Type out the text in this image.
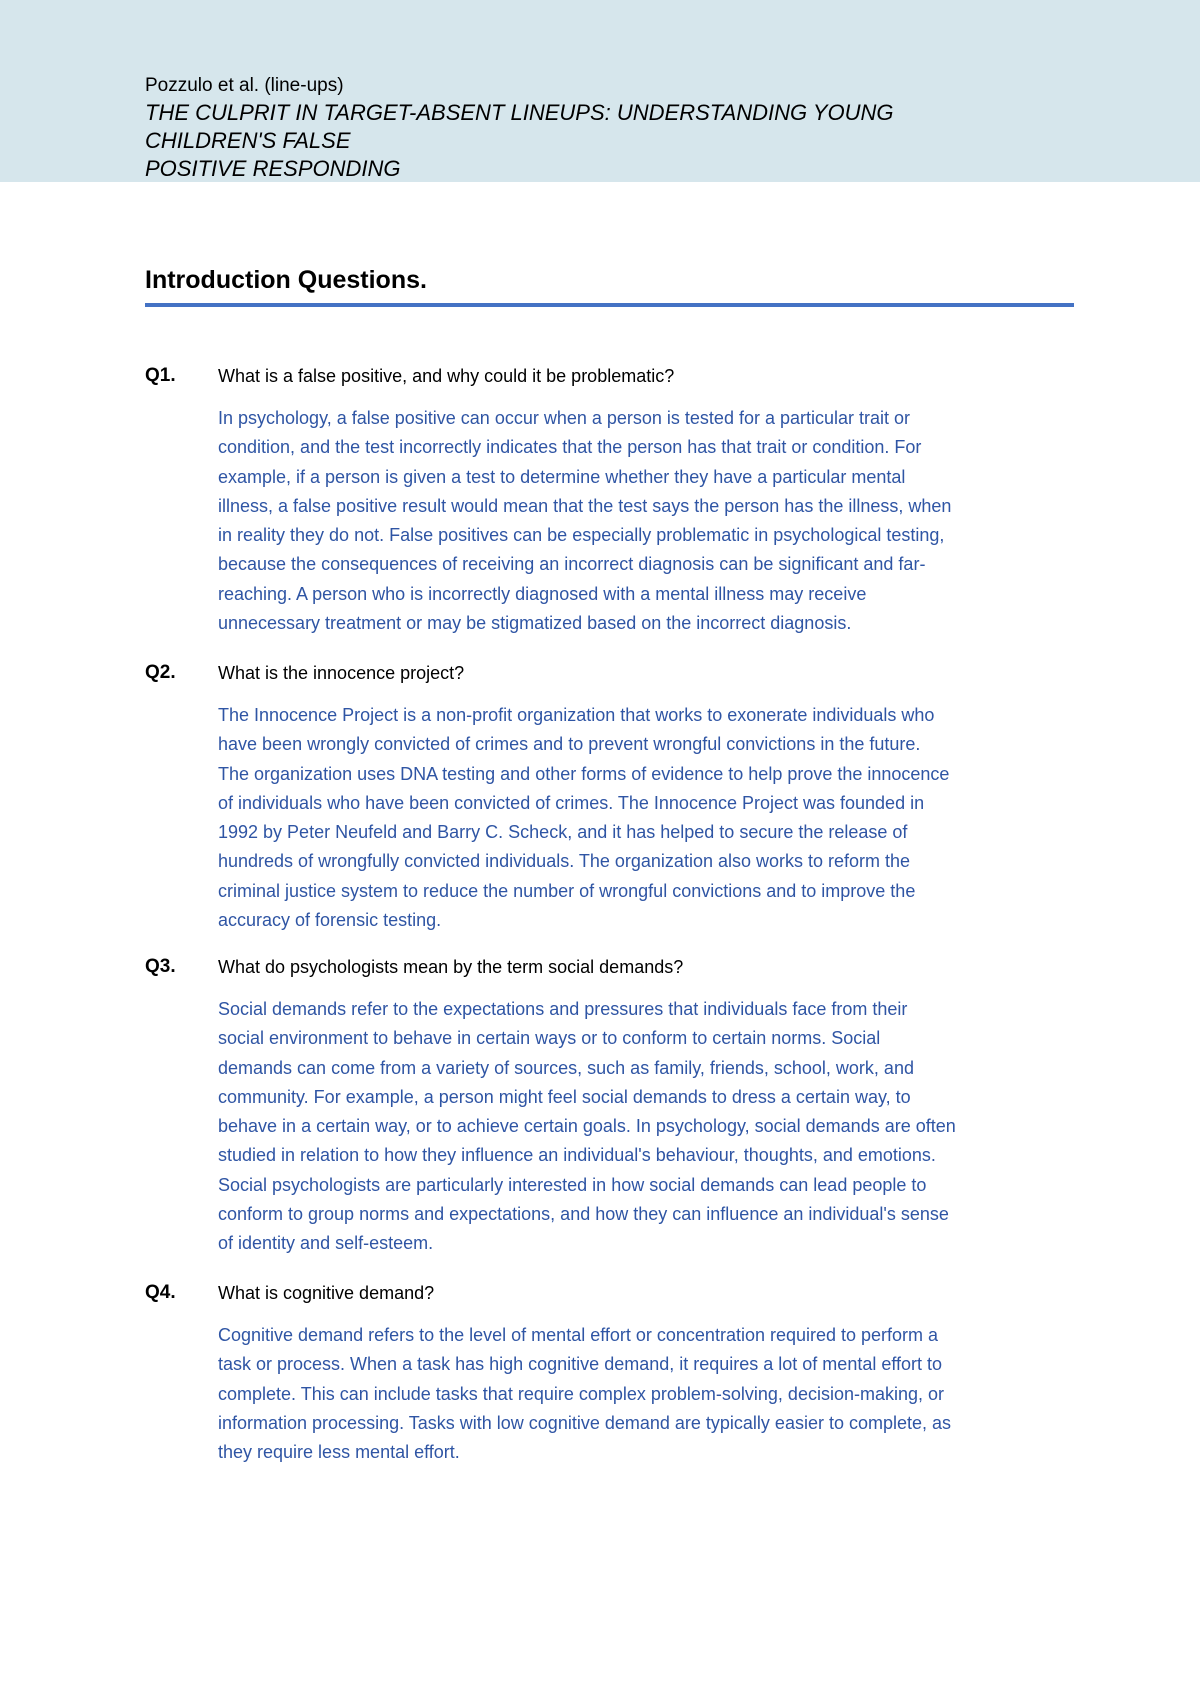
Pozzulo et al. (line-ups)
THE CULPRIT IN TARGET-ABSENT LINEUPS: UNDERSTANDING YOUNG
CHILDREN'S FALSE
POSITIVE RESPONDING
Introduction Questions.
Q1. What is a false positive, and why could it be problematic?
In psychology, a false positive can occur when a person is tested for a particular trait or
condition, and the test incorrectly indicates that the person has that trait or condition. For
example, if a person is given a test to determine whether they have a particular mental
illness, a false positive result would mean that the test says the person has the illness, when
in reality they do not. False positives can be especially problematic in psychological testing,
because the consequences of receiving an incorrect diagnosis can be significant and far-
reaching. A person who is incorrectly diagnosed with a mental illness may receive
unnecessary treatment or may be stigmatized based on the incorrect diagnosis.
Q2. What is the innocence project?
The Innocence Project is a non-profit organization that works to exonerate individuals who
have been wrongly convicted of crimes and to prevent wrongful convictions in the future.
The organization uses DNA testing and other forms of evidence to help prove the innocence
of individuals who have been convicted of crimes. The Innocence Project was founded in
1992 by Peter Neufeld and Barry C. Scheck, and it has helped to secure the release of
hundreds of wrongfully convicted individuals. The organization also works to reform the
criminal justice system to reduce the number of wrongful convictions and to improve the
accuracy of forensic testing.
Q3. What do psychologists mean by the term social demands?
Social demands refer to the expectations and pressures that individuals face from their
social environment to behave in certain ways or to conform to certain norms. Social
demands can come from a variety of sources, such as family, friends, school, work, and
community. For example, a person might feel social demands to dress a certain way, to
behave in a certain way, or to achieve certain goals. In psychology, social demands are often
studied in relation to how they influence an individual's behaviour, thoughts, and emotions.
Social psychologists are particularly interested in how social demands can lead people to
conform to group norms and expectations, and how they can influence an individual's sense
of identity and self-esteem.
Q4. What is cognitive demand?
Cognitive demand refers to the level of mental effort or concentration required to perform a
task or process. When a task has high cognitive demand, it requires a lot of mental effort to
complete. This can include tasks that require complex problem-solving, decision-making, or
information processing. Tasks with low cognitive demand are typically easier to complete, as
they require less mental effort.
